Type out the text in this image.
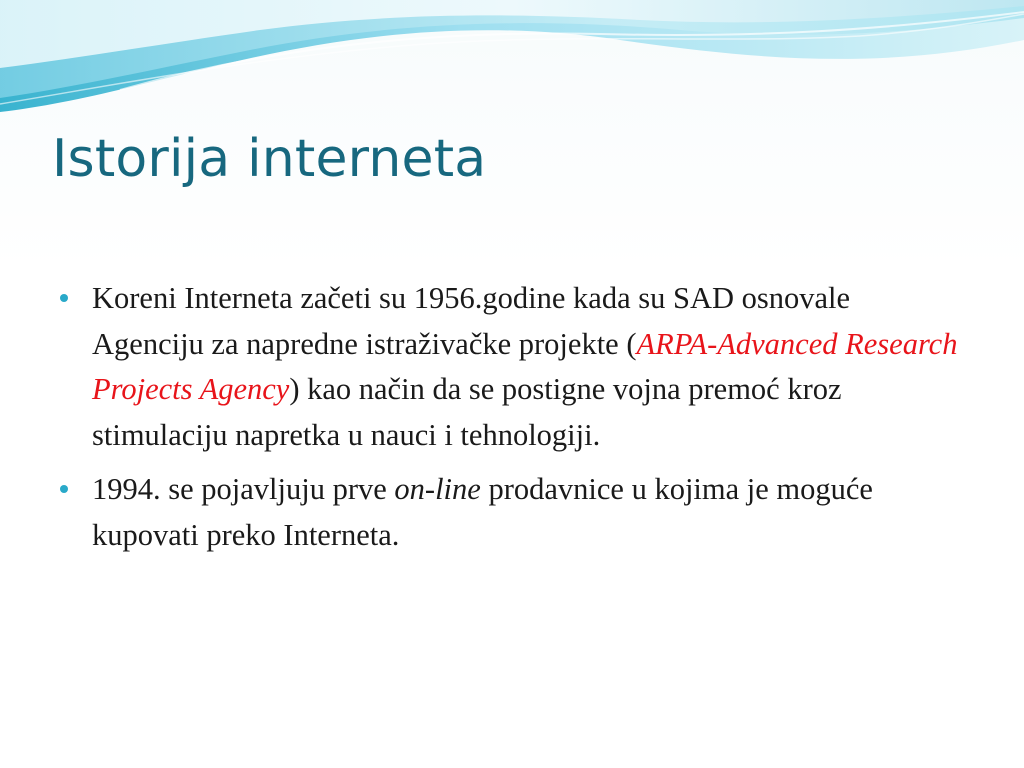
Istorija interneta

Koreni Interneta začeti su 1956.godine kada su SAD osnovale Agenciju za napredne istraživačke projekte (ARPA-Advanced Research Projects Agency) kao način da se postigne vojna premoć kroz stimulaciju napretka u nauci i tehnologiji.

1994. se pojavljuju prve on-line prodavnice u kojima je moguće kupovati preko Interneta.
